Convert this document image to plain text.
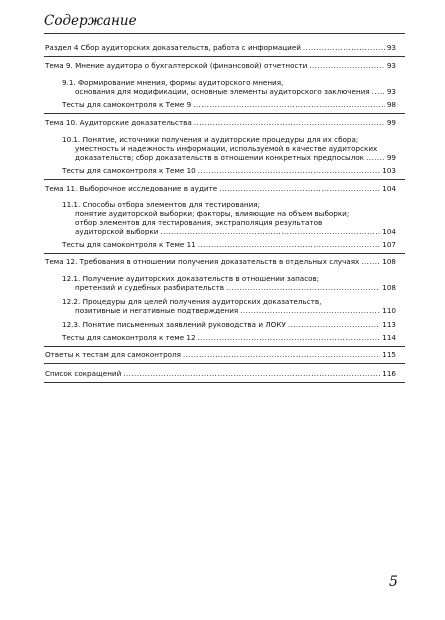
Содержание
Раздел 4 Сбор аудиторских доказательств, работа с информацией .....	93
Тема 9. Мнение аудитора о бухгалтерской (финансовой) отчетности .....	93
9.1. Формирование мнения, формы аудиторского мнения,
основания для модификации, основные элементы аудиторского заключения ..... 93
Тесты для самоконтроля к Теме 9 .....	98
Тема 10. Аудиторские доказательства .....	99
10.1. Понятие, источники получения и аудиторские процедуры для их сбора;
уместность и надежность информации, используемой в качестве аудиторских
доказательств; сбор доказательств в отношении конкретных предпосылок .....	99
Тесты для самоконтроля к Теме 10 .....	103
Тема 11. Выборочное исследование в аудите .....	104
11.1. Способы отбора элементов для тестирования;
понятие аудиторской выборки; факторы, влияющие на объем выборки;
отбор элементов для тестирования, экстраполяция результатов
аудиторской выборки .....	104
Тесты для самоконтроля к Теме 11 .....	107
Тема 12. Требования в отношении получения доказательств в отдельных случаях .....	108
12.1. Получение аудиторских доказательств в отношении запасов;
претензий и судебных разбирательств .....	108
12.2. Процедуры для целей получения аудиторских доказательств,
позитивные и негативные подтверждения .....	110
12.3. Понятие письменных заявлений руководства и ЛОКУ .....	113
Тесты для самоконтроля к теме 12 .....	114
Ответы к тестам для самоконтроля .....	115
Список сокращений .....	116
5
